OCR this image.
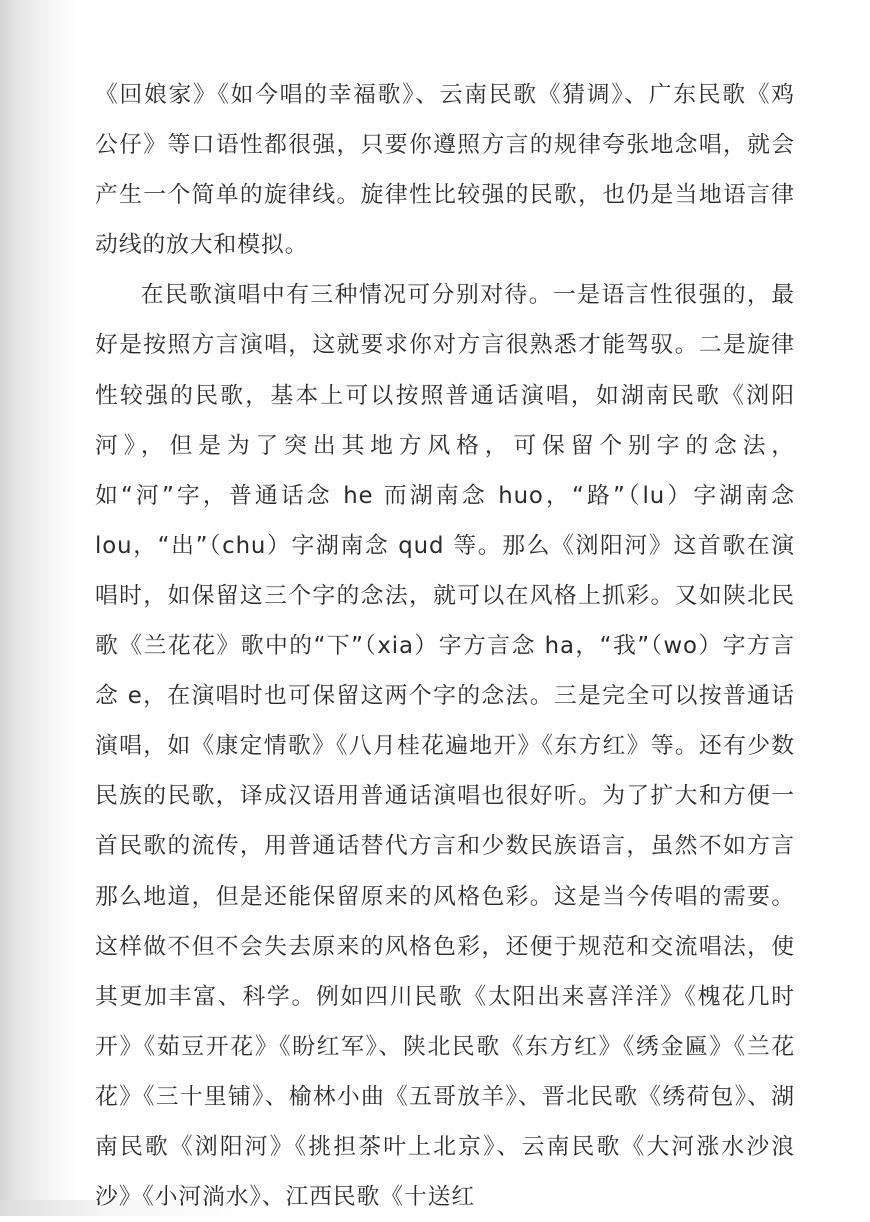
《回娘家》《如今唱的幸福歌》、云南民歌《猜调》、广东民歌《鸡公仔》等口语性都很强，只要你遵照方言的规律夸张地念唱，就会产生一个简单的旋律线。旋律性比较强的民歌，也仍是当地语言律动线的放大和模拟。

在民歌演唱中有三种情况可分别对待。一是语言性很强的，最好是按照方言演唱，这就要求你对方言很熟悉才能驾驭。二是旋律性较强的民歌，基本上可以按照普通话演唱，如湖南民歌《浏阳河》，但是为了突出其地方风格，可保留个别字的念法，如“河”字，普通话念 he 而湖南念 huo，“路”（lu）字湖南念 lou，“出”（chu）字湖南念 qud 等。那么《浏阳河》这首歌在演唱时，如保留这三个字的念法，就可以在风格上抓彩。又如陕北民歌《兰花花》歌中的“下”（xia）字方言念 ha，“我”（wo）字方言念 e，在演唱时也可保留这两个字的念法。三是完全可以按普通话演唱，如《康定情歌》《八月桂花遍地开》《东方红》等。还有少数民族的民歌，译成汉语用普通话演唱也很好听。为了扩大和方便一首民歌的流传，用普通话替代方言和少数民族语言，虽然不如方言那么地道，但是还能保留原来的风格色彩。这是当今传唱的需要。这样做不但不会失去原来的风格色彩，还便于规范和交流唱法，使其更加丰富、科学。例如四川民歌《太阳出来喜洋洋》《槐花几时开》《茹豆开花》《盼红军》、陕北民歌《东方红》《绣金匾》《兰花花》《三十里铺》、榆林小曲《五哥放羊》、晋北民歌《绣荷包》、湖南民歌《浏阳河》《挑担茶叶上北京》、云南民歌《大河涨水沙浪沙》《小河淌水》、江西民歌《十送红
